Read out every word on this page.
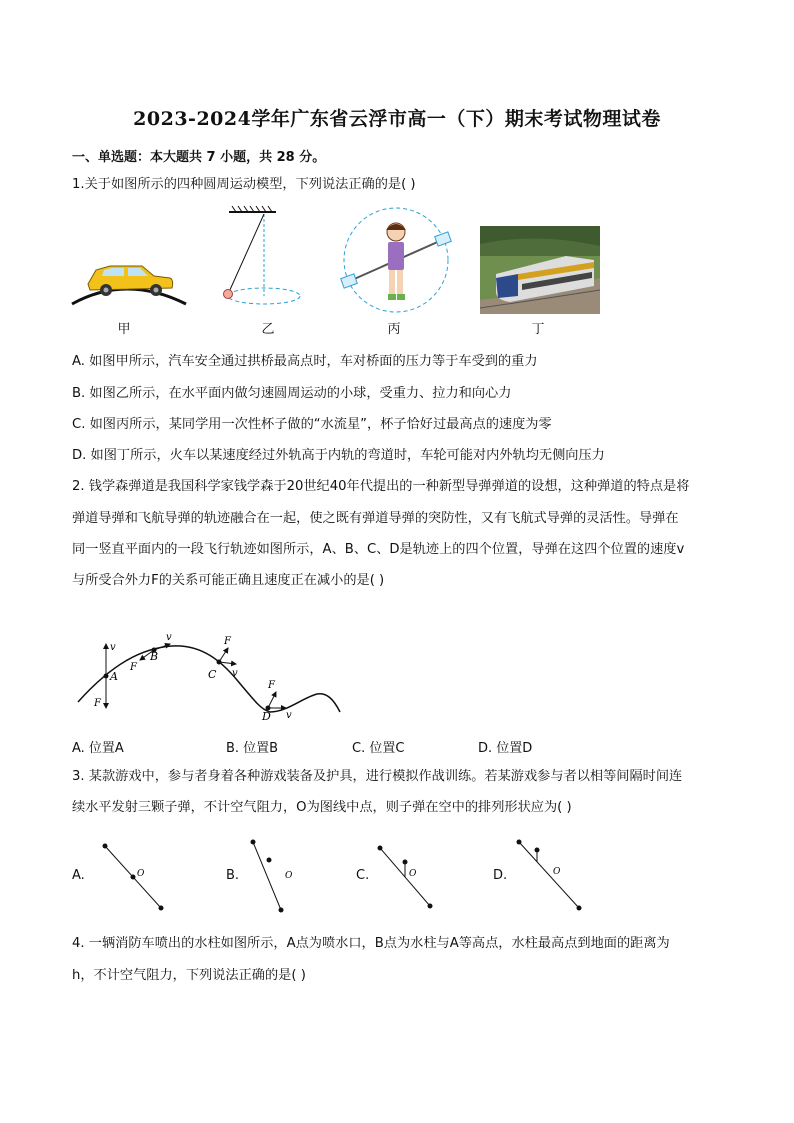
2023-2024学年广东省云浮市高一（下）期末考试物理试卷
一、单选题：本大题共 7 小题，共 28 分。
1.关于如图所示的四种圆周运动模型，下列说法正确的是( )
甲	乙	丙	丁
A. 如图甲所示，汽车安全通过拱桥最高点时，车对桥面的压力等于车受到的重力
B. 如图乙所示，在水平面内做匀速圆周运动的小球，受重力、拉力和向心力
C. 如图丙所示，某同学用一次性杯子做的“水流星”，杯子恰好过最高点的速度为零
D. 如图丁所示，火车以某速度经过外轨高于内轨的弯道时，车轮可能对内外轨均无侧向压力
2. 钱学森弹道是我国科学家钱学森于20世纪40年代提出的一种新型导弹弹道的设想，这种弹道的特点是将
弹道导弹和飞航导弹的轨迹融合在一起，使之既有弹道导弹的突防性，又有飞航式导弹的灵活性。导弹在
同一竖直平面内的一段飞行轨迹如图所示，A、B、C、D是轨迹上的四个位置，导弹在这四个位置的速度v
与所受合外力F的关系可能正确且速度正在减小的是( )
v
A
F
v
B
F
F
v
C
F
v
D
A. 位置A	B. 位置B	C. 位置C	D. 位置D
3. 某款游戏中，参与者身着各种游戏装备及护具，进行模拟作战训练。若某游戏参与者以相等间隔时间连
续水平发射三颗子弹，不计空气阻力，O为图线中点，则子弹在空中的排列形状应为( )
A.	B.	C.	D.
O	O	O	O
4. 一辆消防车喷出的水柱如图所示，A点为喷水口，B点为水柱与A等高点，水柱最高点到地面的距离为
h，不计空气阻力，下列说法正确的是( )
